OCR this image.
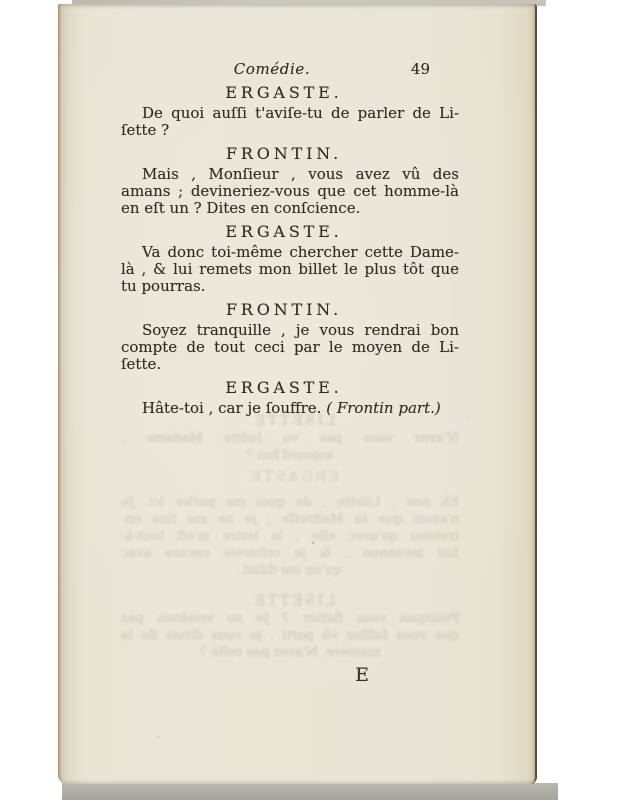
Comédie.	49
ERGASTE.
De quoi auſſi t'aviſe-tu de parler de Li-
ſette ?
FRONTIN.
Mais , Monſieur , vous avez vû des
amans ; devineriez-vous que cet homme-là
en eſt un ? Dites en conſcience.
ERGASTE.
Va donc toi-même chercher cette Dame-
là , & lui remets mon billet le plus tôt que
tu pourras.
FRONTIN.
Soyez tranquille , je vous rendrai bon
compte de tout ceci par le moyen de Li-
ſette.
ERGASTE.
Hâte-toi , car je ſouffre. ( Frontin part.)
LISETTE.
N'avez vous pas vu ladite Madame ,
aujourd'hui ?
ERGASTE.
Eh non , Liſette , de quoi me parler ici. Je
n'avois que ta Maîtreſſe ; je ne me ſuis en-
tretenu qu'avec elle , la lettre m'eſt tout-à-
fait inconnue , & je reſterois encore avec
qu'on me diſoit.
LISETTE.
Pourquoi vous flatter ? Je ne voudrois pas
que vous fuſſiez vû parti , je vous dirois de la
manière. N'avez pas reſté ?
E
